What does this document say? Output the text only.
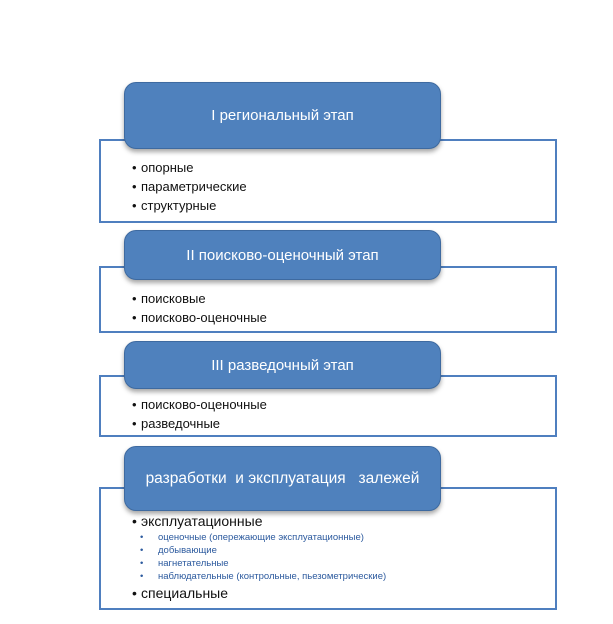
I региональный этап
• опорные
• параметрические
• структурные
II поисково-оценочный этап
• поисковые
• поисково-оценочные
III разведочный этап
• поисково-оценочные
• разведочные
разработки  и эксплуатация   залежей
• эксплуатационные
• оценочные (опережающие эксплуатационные)
• добывающие
• нагнетательные
• наблюдательные (контрольные, пьезометрические)
• специальные
